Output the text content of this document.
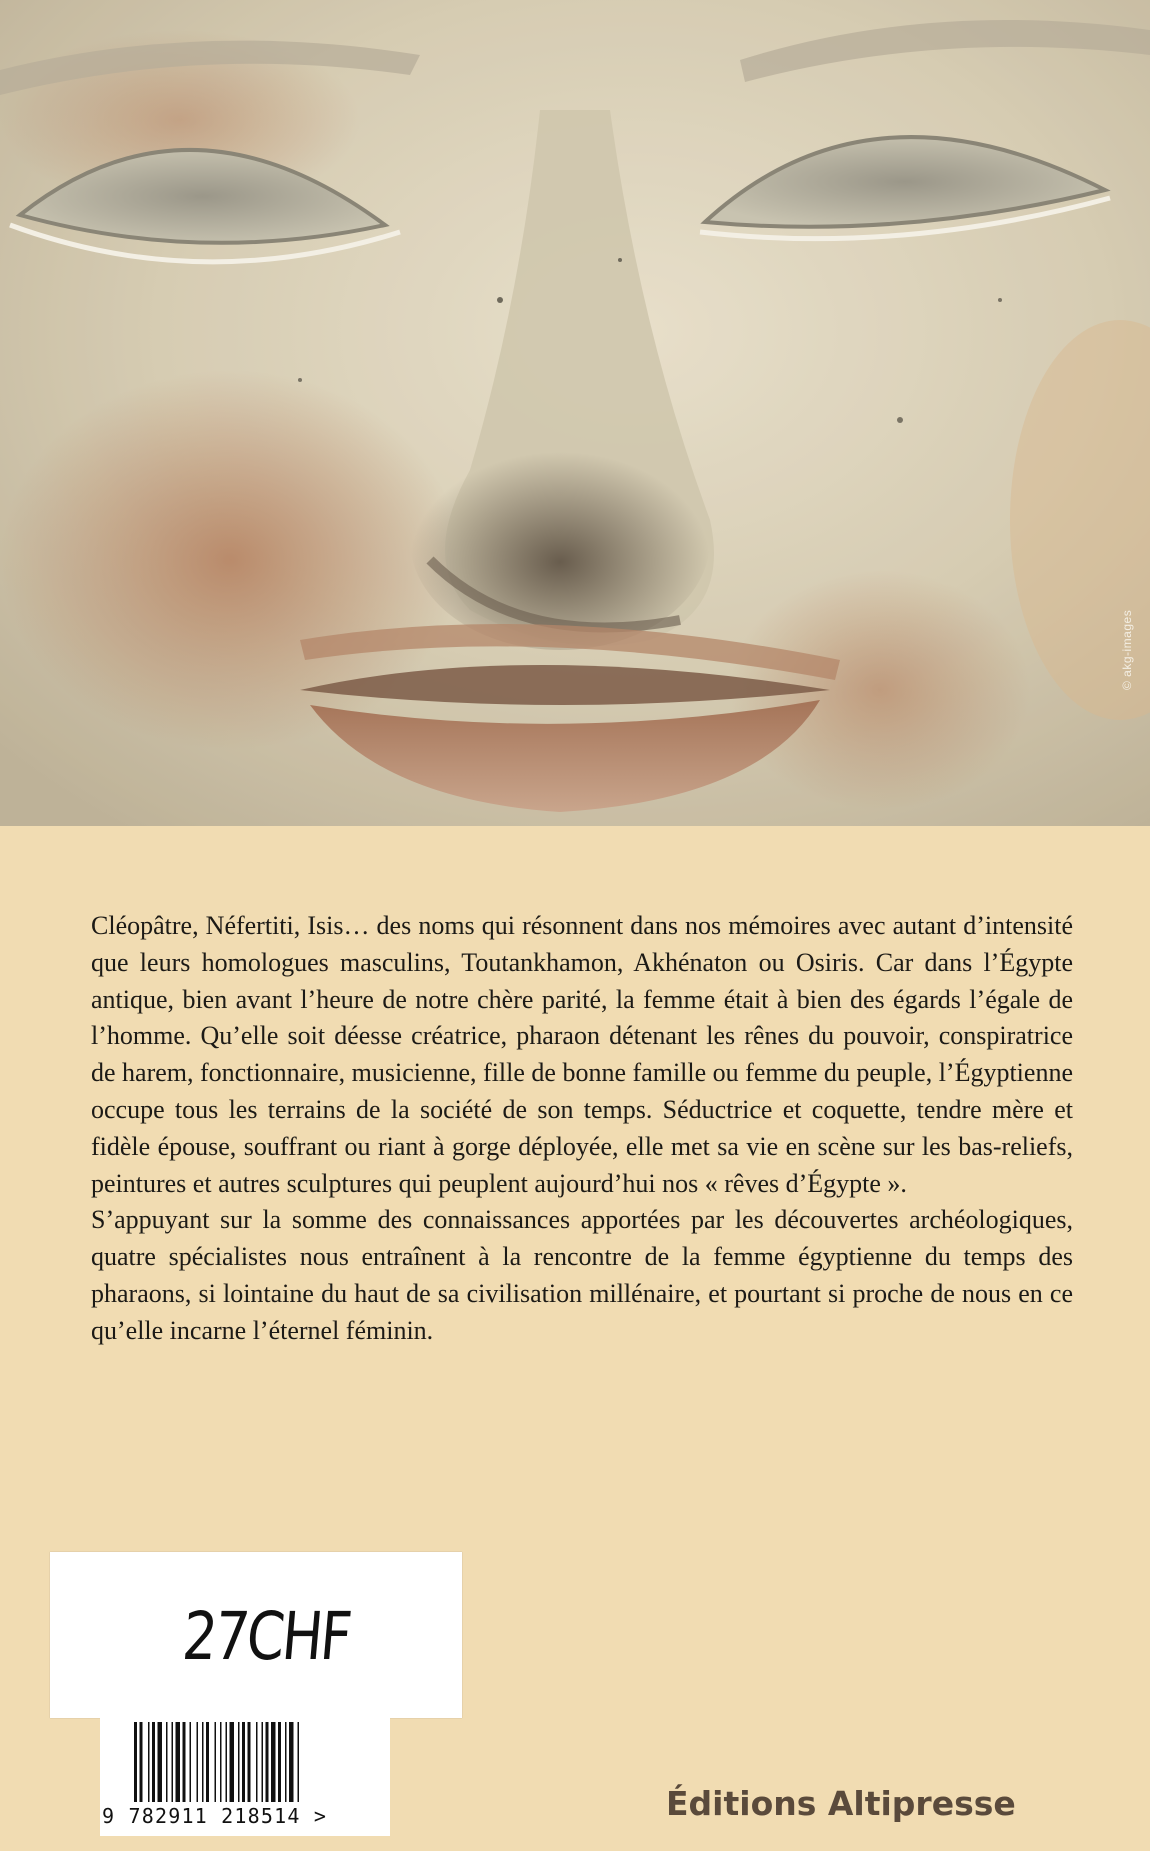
© akg-images

Cléopâtre, Néfertiti, Isis… des noms qui résonnent dans nos mémoires avec autant d’intensité que leurs homologues masculins, Toutankhamon, Akhénaton ou Osiris. Car dans l’Égypte antique, bien avant l’heure de notre chère parité, la femme était à bien des égards l’égale de l’homme. Qu’elle soit déesse créatrice, pharaon détenant les rênes du pouvoir, conspiratrice de harem, fonctionnaire, musicienne, fille de bonne famille ou femme du peuple, l’Égyptienne occupe tous les terrains de la société de son temps. Séductrice et coquette, tendre mère et fidèle épouse, souffrant ou riant à gorge déployée, elle met sa vie en scène sur les bas-reliefs, peintures et autres sculptures qui peuplent aujourd’hui nos « rêves d’Égypte ».

S’appuyant sur la somme des connaissances apportées par les découvertes archéologiques, quatre spécialistes nous entraînent à la rencontre de la femme égyptienne du temps des pharaons, si lointaine du haut de sa civilisation millénaire, et pourtant si proche de nous en ce qu’elle incarne l’éternel féminin.

27CHF
9 782911 218514 >	Éditions Altipresse
